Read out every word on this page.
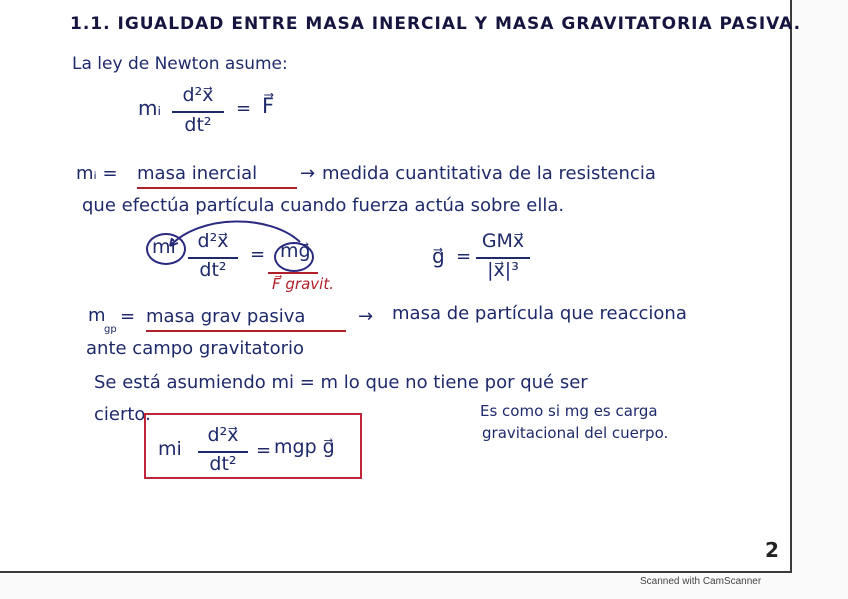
1.1. IGUALDAD ENTRE MASA INERCIAL Y MASA GRAVITATORIA PASIVA.
La ley de Newton asume:
mᵢ
d²x⃗
dt²
= F⃗
mᵢ = masa inercial → medida cuantitativa de la resistencia
que efectúa partícula cuando fuerza actúa sobre ella.
mi	d²x⃗
dt²
= mg⃗
F⃗ gravit.
g⃗ =
GMx⃗
|x⃗|³
m
gp
= masa grav pasiva	→ masa de partícula que reacciona
ante campo gravitatorio
Se está asumiendo mi = m lo que no tiene por qué ser
cierto.
mi
d²x⃗
dt²
= mgp g⃗
Es como si mg es carga
gravitacional del cuerpo.
2
Scanned with CamScanner
